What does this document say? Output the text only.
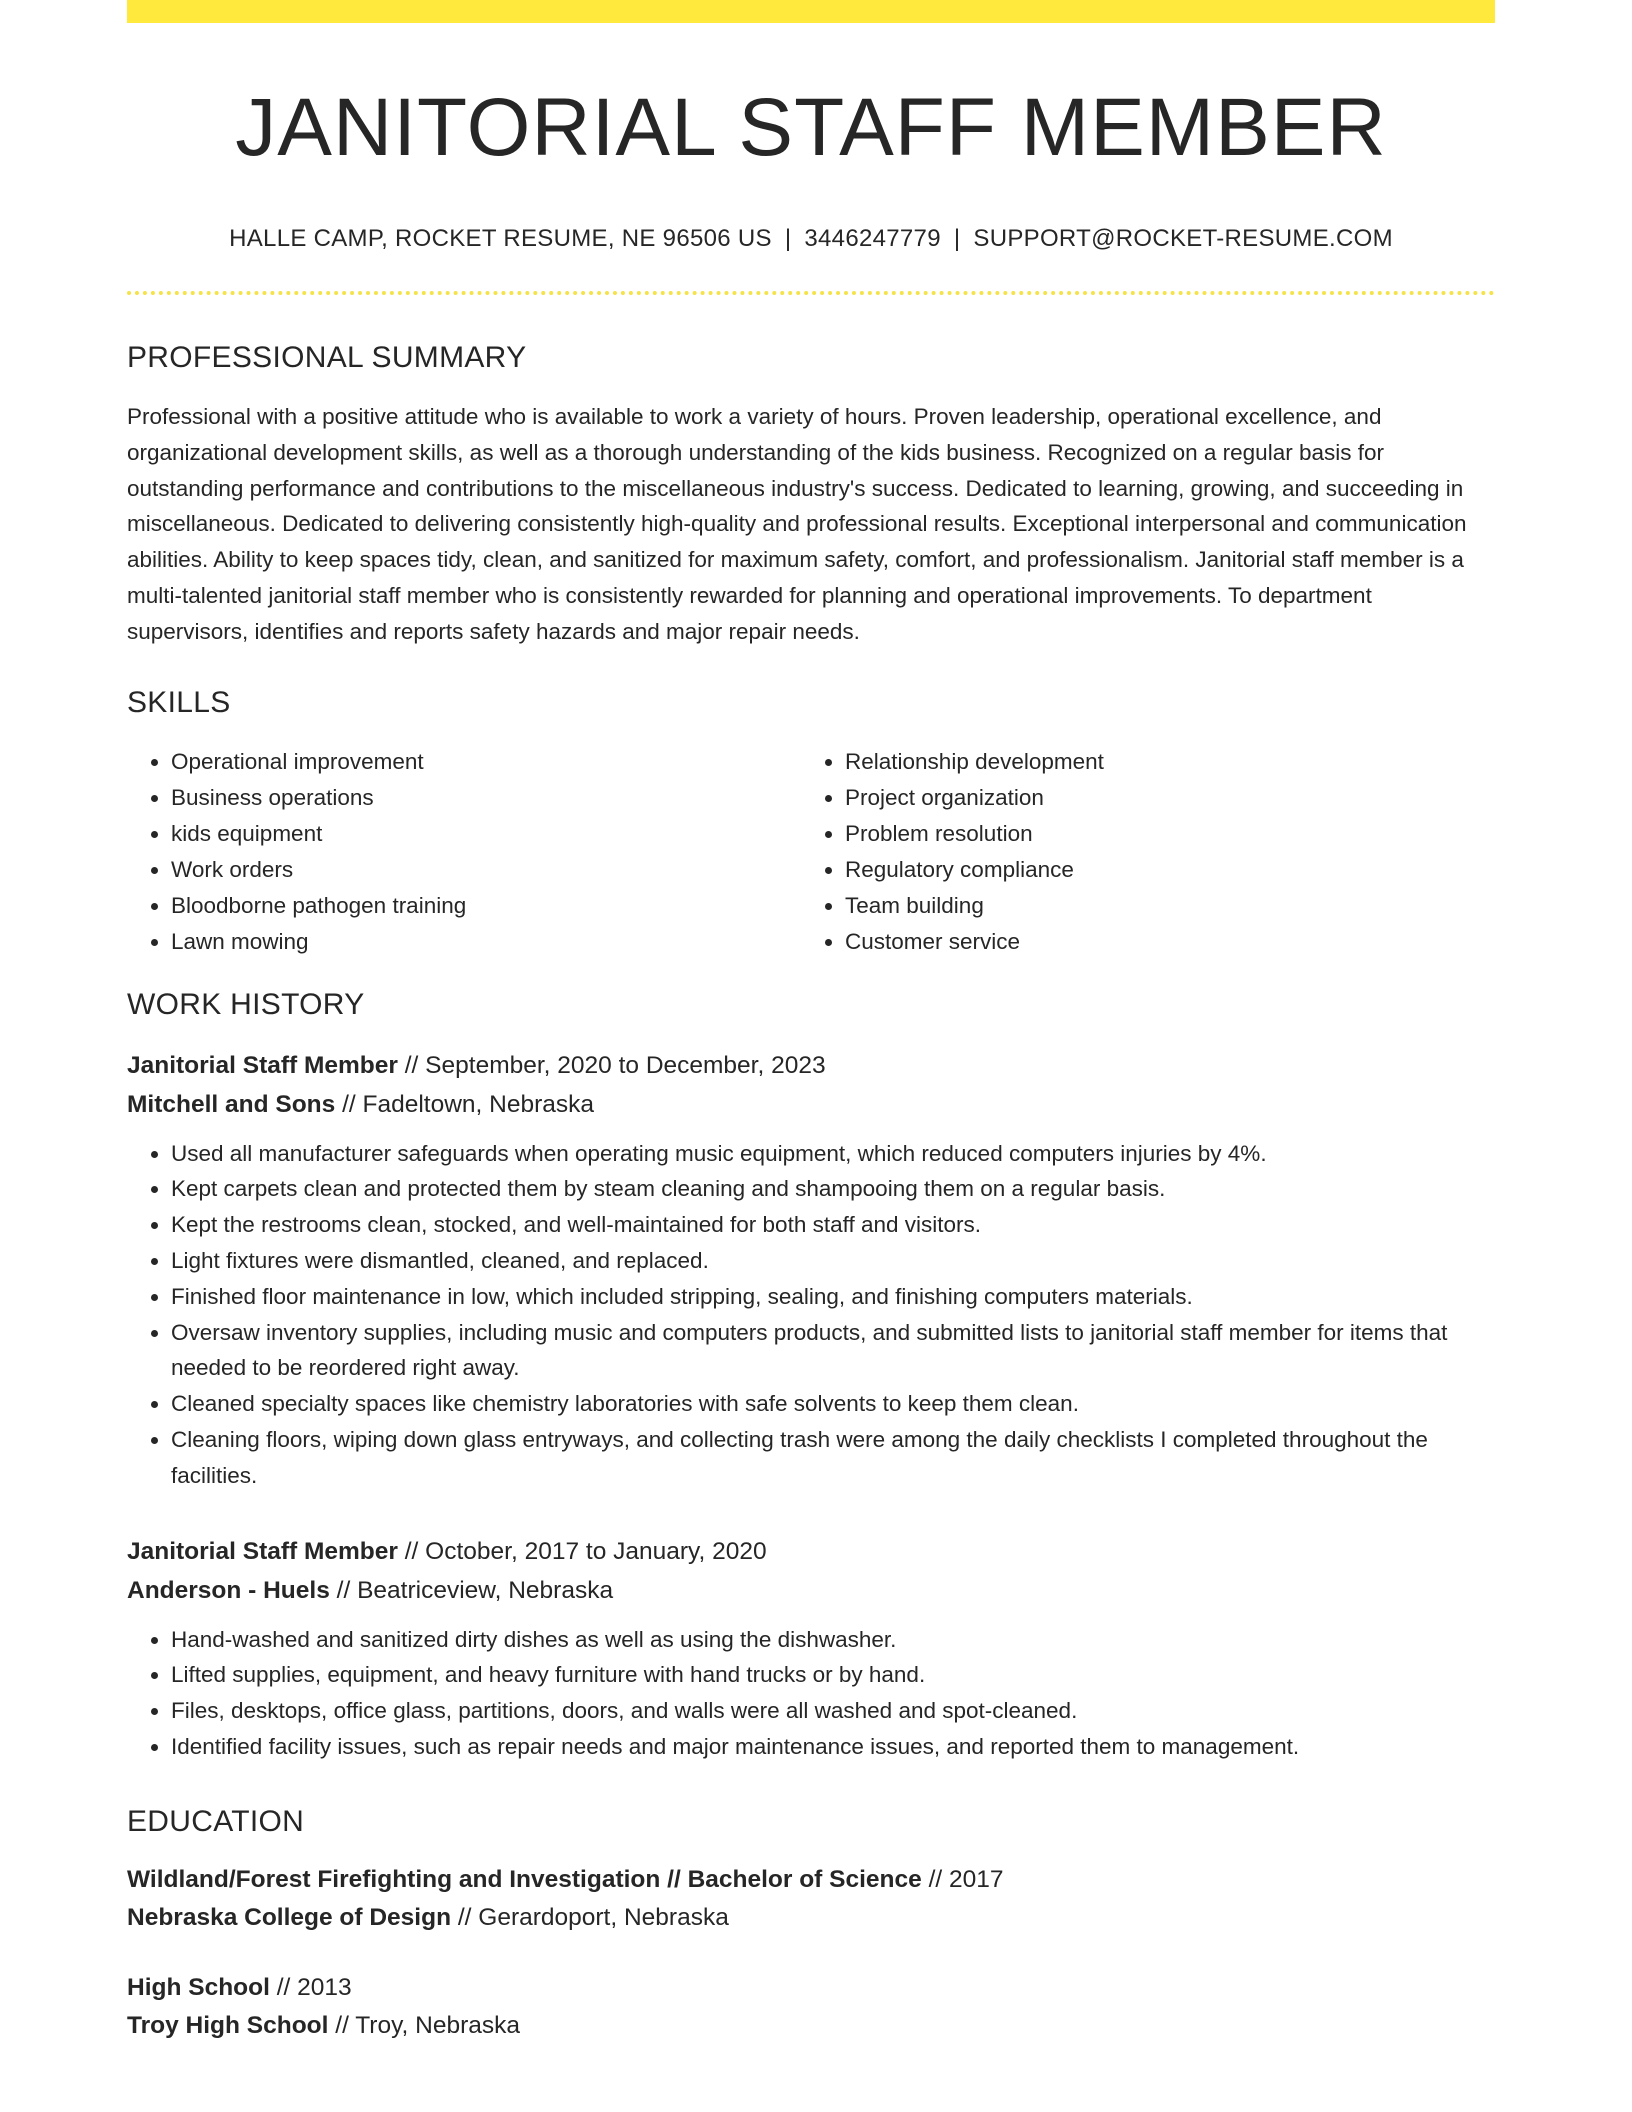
JANITORIAL STAFF MEMBER
HALLE CAMP, ROCKET RESUME, NE 96506 US | 3446247779 | SUPPORT@ROCKET-RESUME.COM
PROFESSIONAL SUMMARY

Professional with a positive attitude who is available to work a variety of hours. Proven leadership, operational excellence, and organizational development skills, as well as a thorough understanding of the kids business. Recognized on a regular basis for outstanding performance and contributions to the miscellaneous industry's success. Dedicated to learning, growing, and succeeding in miscellaneous. Dedicated to delivering consistently high-quality and professional results. Exceptional interpersonal and communication abilities. Ability to keep spaces tidy, clean, and sanitized for maximum safety, comfort, and professionalism. Janitorial staff member is a multi-talented janitorial staff member who is consistently rewarded for planning and operational improvements. To department supervisors, identifies and reports safety hazards and major repair needs.

SKILLS
• Operational improvement
• Business operations
• kids equipment
• Work orders
• Bloodborne pathogen training
• Lawn mowing
• Relationship development
• Project organization
• Problem resolution
• Regulatory compliance
• Team building
• Customer service
WORK HISTORY
Janitorial Staff Member // September, 2020 to December, 2023
Mitchell and Sons // Fadeltown, Nebraska
• Used all manufacturer safeguards when operating music equipment, which reduced computers injuries by 4%.
• Kept carpets clean and protected them by steam cleaning and shampooing them on a regular basis.
• Kept the restrooms clean, stocked, and well-maintained for both staff and visitors.
• Light fixtures were dismantled, cleaned, and replaced.
• Finished floor maintenance in low, which included stripping, sealing, and finishing computers materials.
• Oversaw inventory supplies, including music and computers products, and submitted lists to janitorial staff member for items that needed to be reordered right away.
• Cleaned specialty spaces like chemistry laboratories with safe solvents to keep them clean.
• Cleaning floors, wiping down glass entryways, and collecting trash were among the daily checklists I completed throughout the facilities.
Janitorial Staff Member // October, 2017 to January, 2020
Anderson - Huels // Beatriceview, Nebraska
• Hand-washed and sanitized dirty dishes as well as using the dishwasher.
• Lifted supplies, equipment, and heavy furniture with hand trucks or by hand.
• Files, desktops, office glass, partitions, doors, and walls were all washed and spot-cleaned.
• Identified facility issues, such as repair needs and major maintenance issues, and reported them to management.
EDUCATION
Wildland/Forest Firefighting and Investigation // Bachelor of Science // 2017
Nebraska College of Design // Gerardoport, Nebraska
High School // 2013
Troy High School // Troy, Nebraska
